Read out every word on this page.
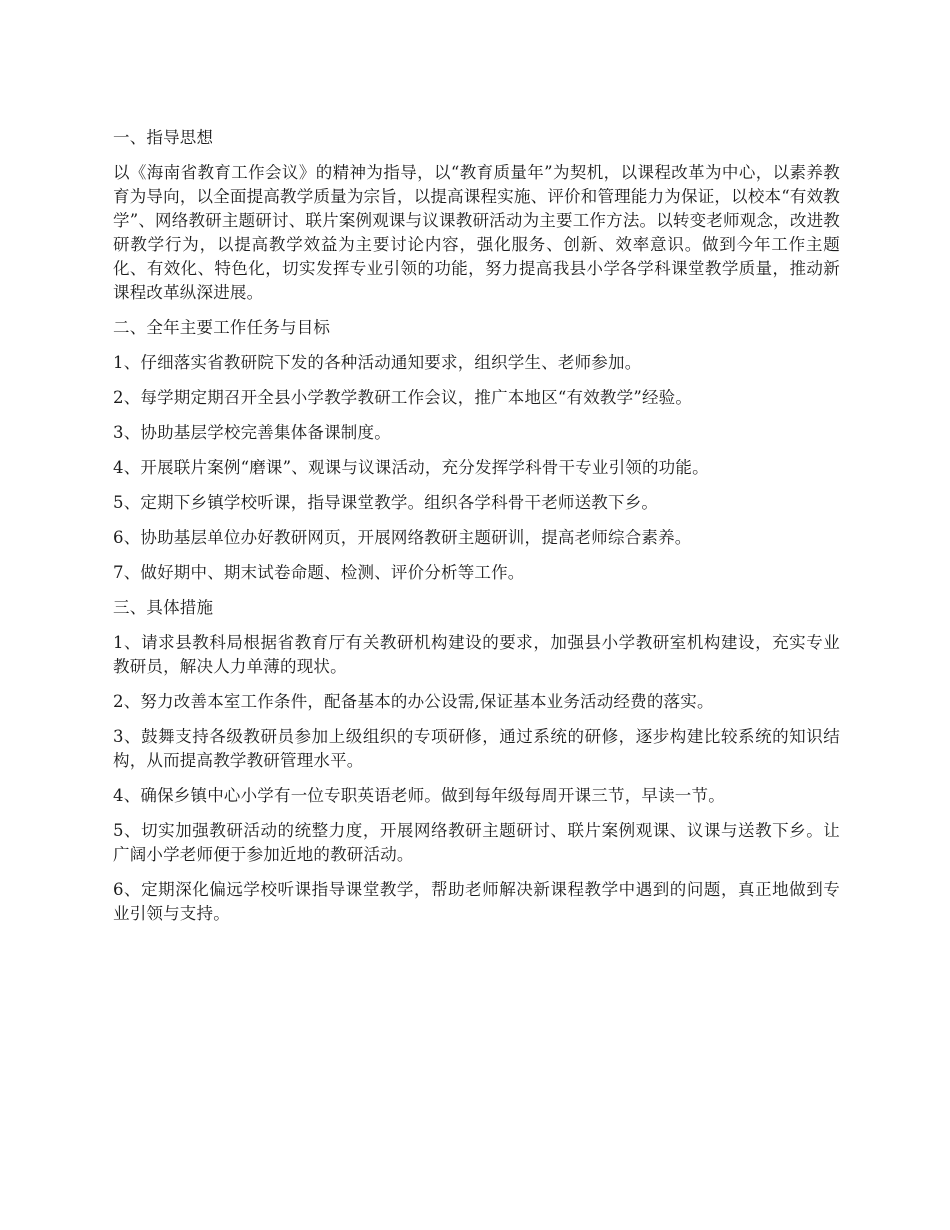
一、指导思想

以《海南省教育工作会议》的精神为指导，以“教育质量年”为契机，以课程改革为中心，以素养教育为导向，以全面提高教学质量为宗旨，以提高课程实施、评价和管理能力为保证，以校本“有效教学”、网络教研主题研讨、联片案例观课与议课教研活动为主要工作方法。以转变老师观念，改进教研教学行为，以提高教学效益为主要讨论内容，强化服务、创新、效率意识。做到今年工作主题化、有效化、特色化，切实发挥专业引领的功能，努力提高我县小学各学科课堂教学质量，推动新课程改革纵深进展。

二、全年主要工作任务与目标

1、仔细落实省教研院下发的各种活动通知要求，组织学生、老师参加。

2、每学期定期召开全县小学教学教研工作会议，推广本地区“有效教学”经验。

3、协助基层学校完善集体备课制度。

4、开展联片案例“磨课”、观课与议课活动，充分发挥学科骨干专业引领的功能。

5、定期下乡镇学校听课，指导课堂教学。组织各学科骨干老师送教下乡。

6、协助基层单位办好教研网页，开展网络教研主题研训，提高老师综合素养。

7、做好期中、期末试卷命题、检测、评价分析等工作。

三、具体措施

1、请求县教科局根据省教育厅有关教研机构建设的要求，加强县小学教研室机构建设，充实专业教研员，解决人力单薄的现状。

2、努力改善本室工作条件，配备基本的办公设需,保证基本业务活动经费的落实。

3、鼓舞支持各级教研员参加上级组织的专项研修，通过系统的研修，逐步构建比较系统的知识结构，从而提高教学教研管理水平。

4、确保乡镇中心小学有一位专职英语老师。做到每年级每周开课三节，早读一节。

5、切实加强教研活动的统整力度，开展网络教研主题研讨、联片案例观课、议课与送教下乡。让广阔小学老师便于参加近地的教研活动。

6、定期深化偏远学校听课指导课堂教学，帮助老师解决新课程教学中遇到的问题，真正地做到专业引领与支持。
